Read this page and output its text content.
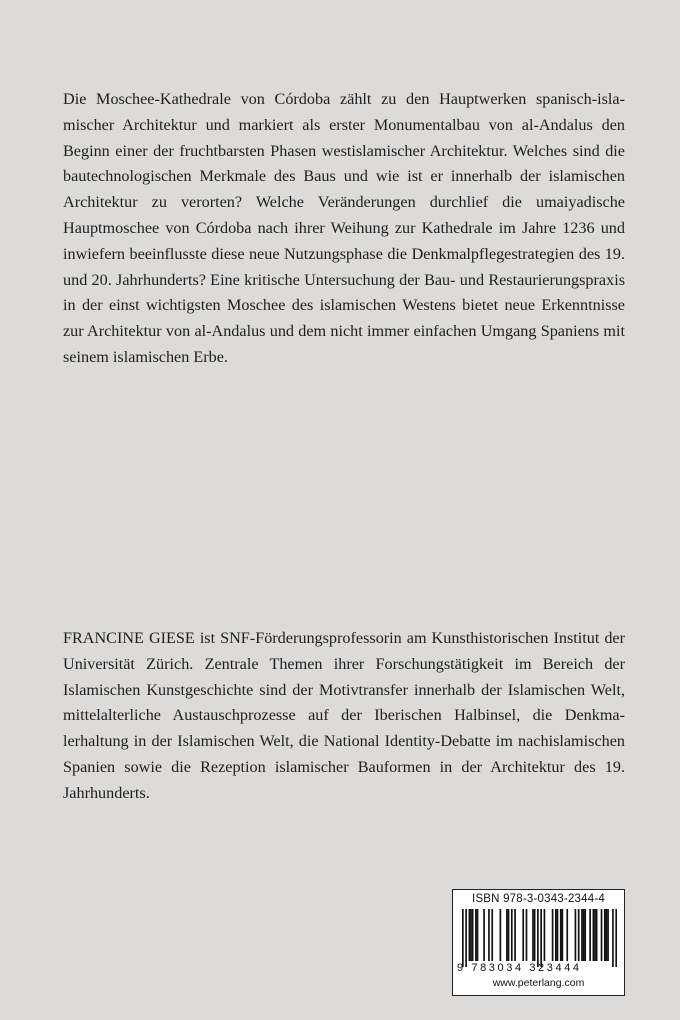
Die Moschee-Kathedrale von Córdoba zählt zu den Hauptwerken spanisch-islamischer Architektur und markiert als erster Monumentalbau von al-Andalus den Beginn einer der fruchtbarsten Phasen westislamischer Architektur. Welches sind die bautechnologischen Merkmale des Baus und wie ist er innerhalb der islamischen Architektur zu verorten? Welche Veränderungen durchlief die umaiyadische Hauptmoschee von Córdoba nach ihrer Weihung zur Kathedrale im Jahre 1236 und inwiefern beeinflusste diese neue Nutzungsphase die Denkmalpflegestrategien des 19. und 20. Jahrhunderts? Eine kritische Untersuchung der Bau- und Restaurierungspraxis in der einst wichtigsten Moschee des islamischen Westens bietet neue Erkenntnisse zur Architektur von al-Andalus und dem nicht immer einfachen Umgang Spaniens mit seinem islamischen Erbe.

FRANCINE GIESE ist SNF-Förderungsprofessorin am Kunsthistorischen Institut der Universität Zürich. Zentrale Themen ihrer Forschungstätigkeit im Bereich der Islamischen Kunstgeschichte sind der Motivtransfer innerhalb der Islamischen Welt, mittelalterliche Austauschprozesse auf der Iberischen Halbinsel, die Denkmalerhaltung in der Islamischen Welt, die National Identity-Debatte im nachislamischen Spanien sowie die Rezeption islamischer Bauformen in der Architektur des 19. Jahrhunderts.

ISBN 978-3-0343-2344-4
9 783034 323444
www.peterlang.com
